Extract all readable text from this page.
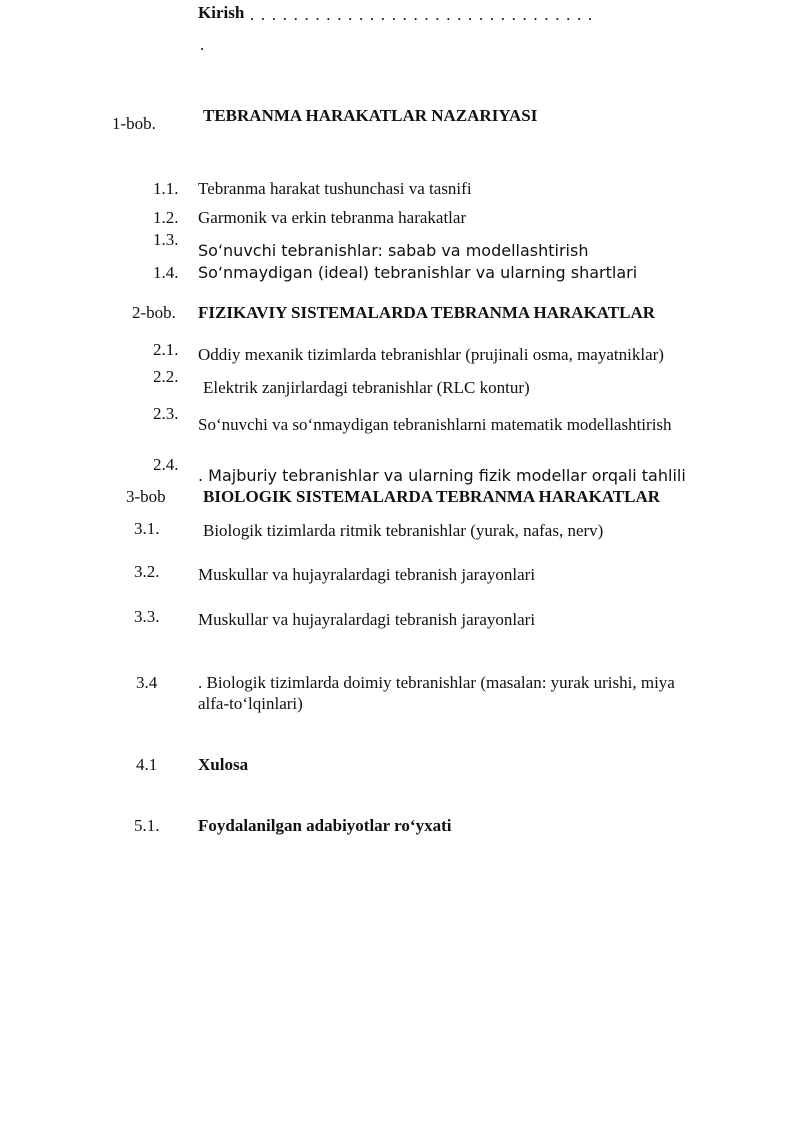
Kirish . . . . . . . . . . . . . . . . . . . . . . . . . . . . . . . .
.
1-bob.	TEBRANMA HARAKATLAR NAZARIYASI
1.1. Tebranma harakat tushunchasi va tasnifi
1.2. Garmonik va erkin tebranma harakatlar
1.3.
So‘nuvchi tebranishlar: sabab va modellashtirish
1.4. So‘nmaydigan (ideal) tebranishlar va ularning shartlari
2-bob. FIZIKAVIY SISTEMALARDA TEBRANMA HARAKATLAR
2.1. Oddiy mexanik tizimlarda tebranishlar (prujinali osma, mayatniklar)
2.2.
Elektrik zanjirlardagi tebranishlar (RLC kontur)
2.3.
So‘nuvchi va so‘nmaydigan tebranishlarni matematik modellashtirish
2.4.
. Majburiy tebranishlar va ularning fizik modellar orqali tahlili
3-bob BIOLOGIK SISTEMALARDA TEBRANMA HARAKATLAR
3.1.	Biologik tizimlarda ritmik tebranishlar (yurak, nafas, nerv)
3.2. Muskullar va hujayralardagi tebranish jarayonlari
3.3. Muskullar va hujayralardagi tebranish jarayonlari
3.4 . Biologik tizimlarda doimiy tebranishlar (masalan: yurak urishi, miya
alfa-to‘lqinlari)
4.1 Xulosa
5.1. Foydalanilgan adabiyotlar ro‘yxati
